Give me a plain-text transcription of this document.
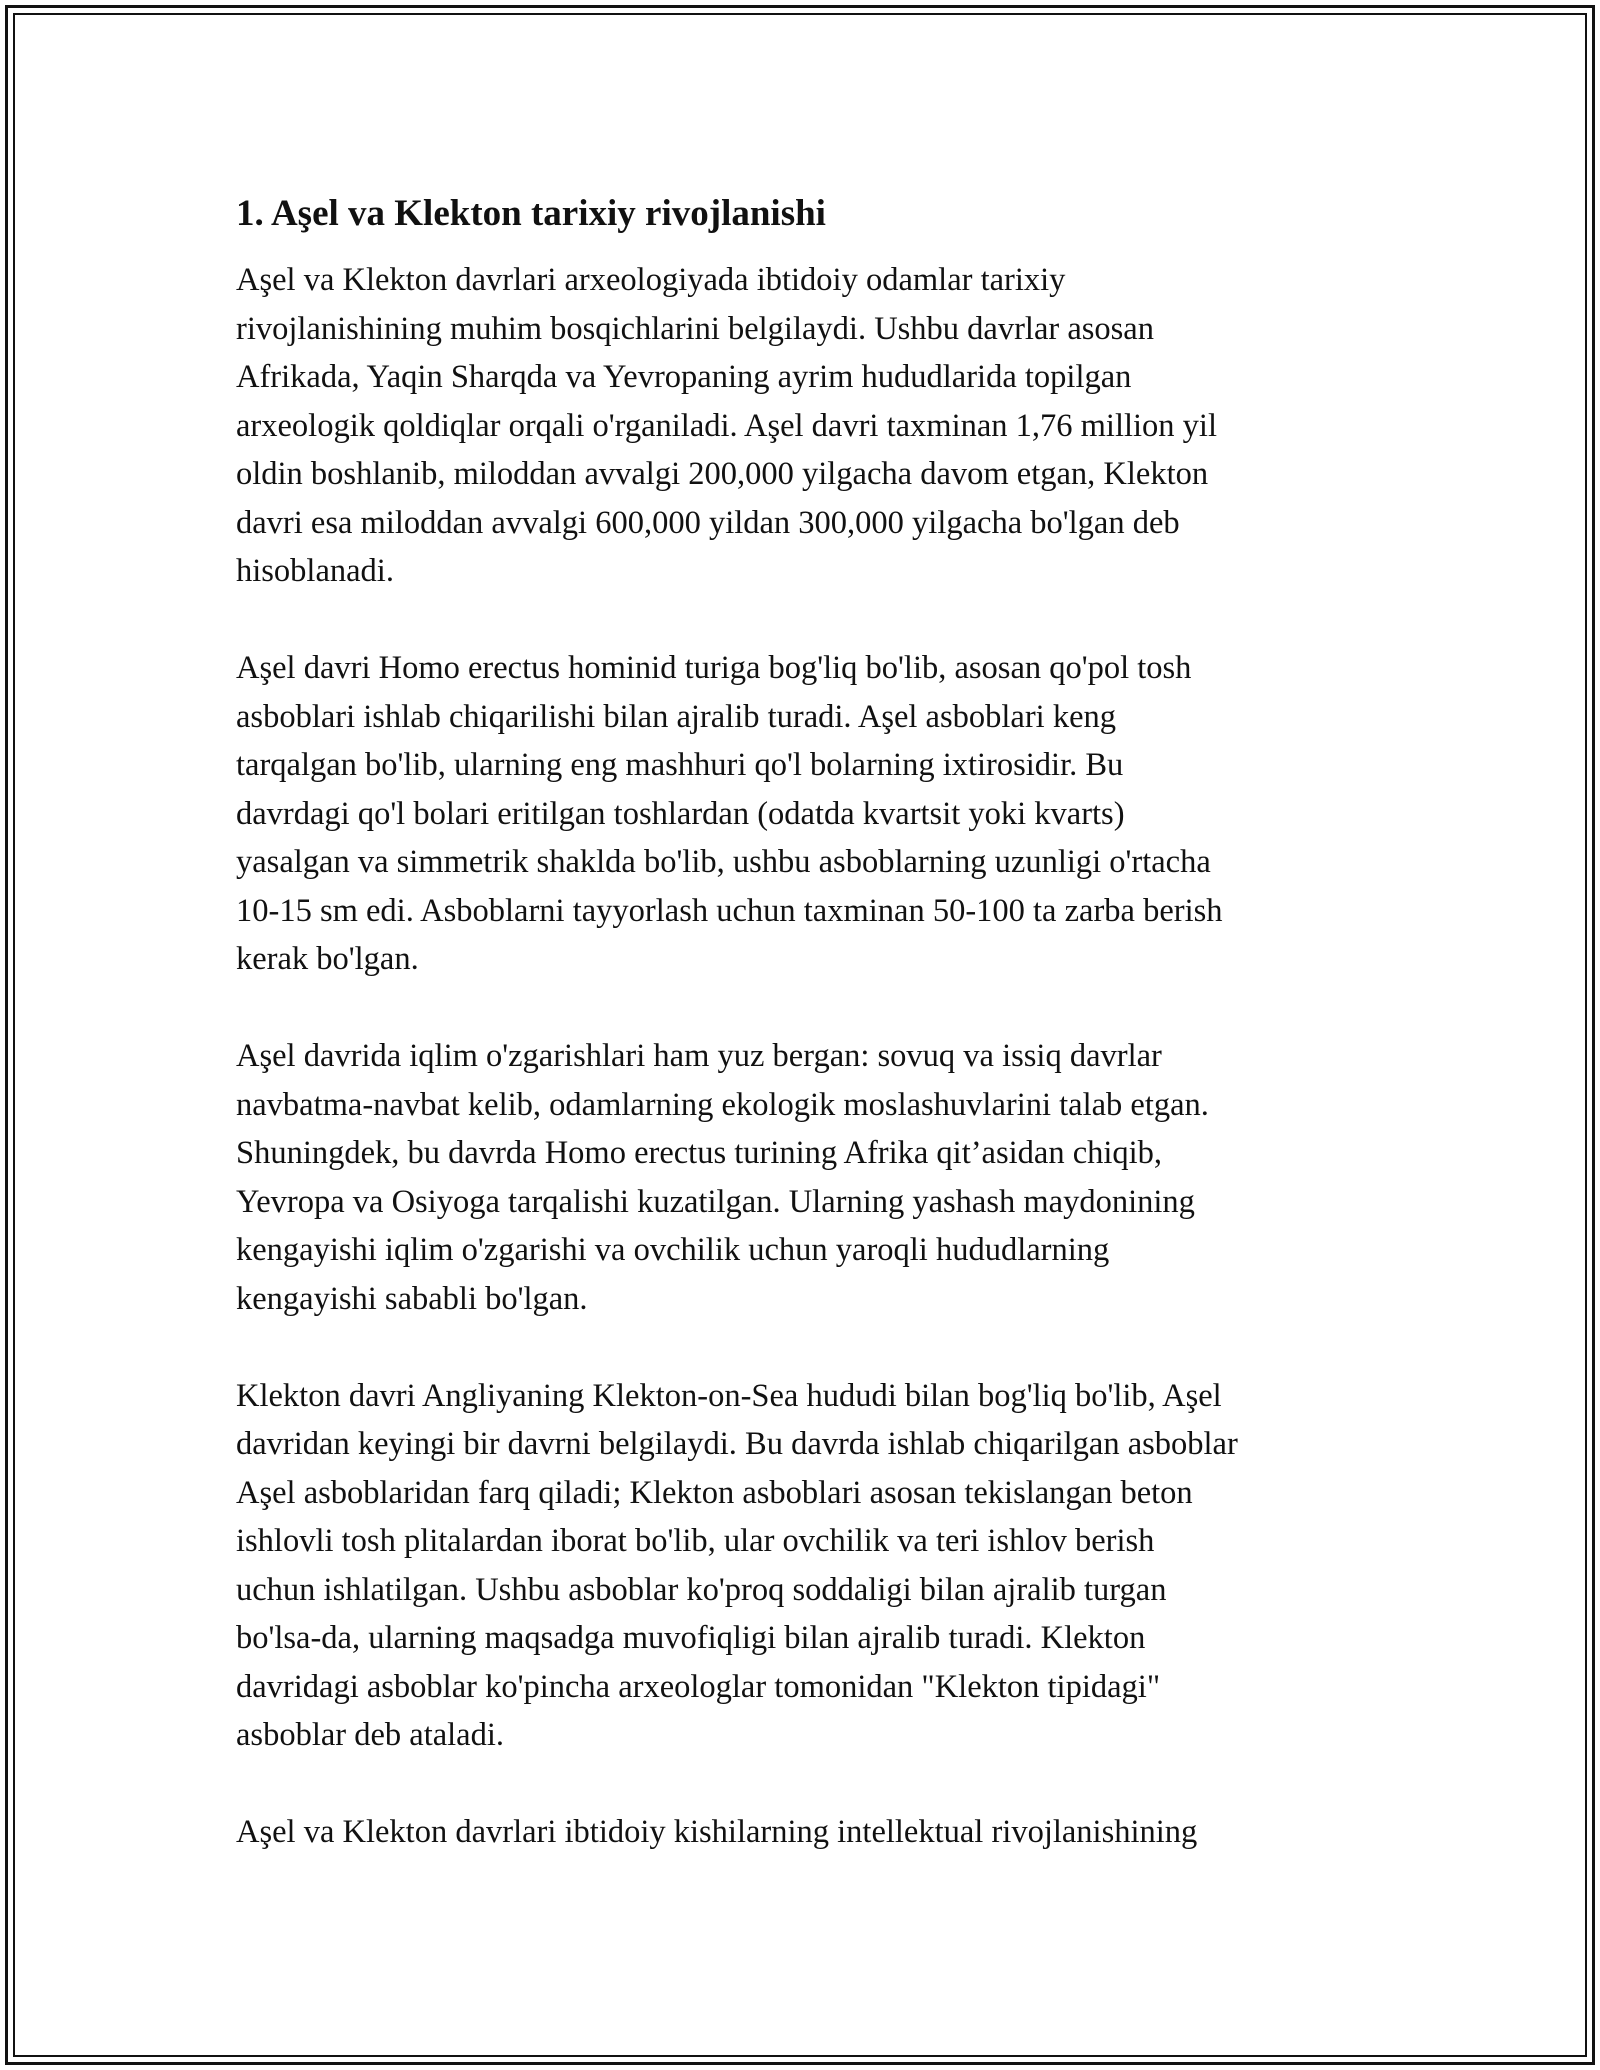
1. Aşel va Klekton tarixiy rivojlanishi
Aşel va Klekton davrlari arxeologiyada ibtidoiy odamlar tarixiy
rivojlanishining muhim bosqichlarini belgilaydi. Ushbu davrlar asosan
Afrikada, Yaqin Sharqda va Yevropaning ayrim hududlarida topilgan
arxeologik qoldiqlar orqali o'rganiladi. Aşel davri taxminan 1,76 million yil
oldin boshlanib, miloddan avvalgi 200,000 yilgacha davom etgan, Klekton
davri esa miloddan avvalgi 600,000 yildan 300,000 yilgacha bo'lgan deb
hisoblanadi.
Aşel davri Homo erectus hominid turiga bog'liq bo'lib, asosan qo'pol tosh
asboblari ishlab chiqarilishi bilan ajralib turadi. Aşel asboblari keng
tarqalgan bo'lib, ularning eng mashhuri qo'l bolarning ixtirosidir. Bu
davrdagi qo'l bolari eritilgan toshlardan (odatda kvartsit yoki kvarts)
yasalgan va simmetrik shaklda bo'lib, ushbu asboblarning uzunligi o'rtacha
10-15 sm edi. Asboblarni tayyorlash uchun taxminan 50-100 ta zarba berish
kerak bo'lgan.
Aşel davrida iqlim o'zgarishlari ham yuz bergan: sovuq va issiq davrlar
navbatma-navbat kelib, odamlarning ekologik moslashuvlarini talab etgan.
Shuningdek, bu davrda Homo erectus turining Afrika qit’asidan chiqib,
Yevropa va Osiyoga tarqalishi kuzatilgan. Ularning yashash maydonining
kengayishi iqlim o'zgarishi va ovchilik uchun yaroqli hududlarning
kengayishi sababli bo'lgan.
Klekton davri Angliyaning Klekton-on-Sea hududi bilan bog'liq bo'lib, Aşel
davridan keyingi bir davrni belgilaydi. Bu davrda ishlab chiqarilgan asboblar
Aşel asboblaridan farq qiladi; Klekton asboblari asosan tekislangan beton
ishlovli tosh plitalardan iborat bo'lib, ular ovchilik va teri ishlov berish
uchun ishlatilgan. Ushbu asboblar ko'proq soddaligi bilan ajralib turgan
bo'lsa-da, ularning maqsadga muvofiqligi bilan ajralib turadi. Klekton
davridagi asboblar ko'pincha arxeologlar tomonidan "Klekton tipidagi"
asboblar deb ataladi.
Aşel va Klekton davrlari ibtidoiy kishilarning intellektual rivojlanishining
